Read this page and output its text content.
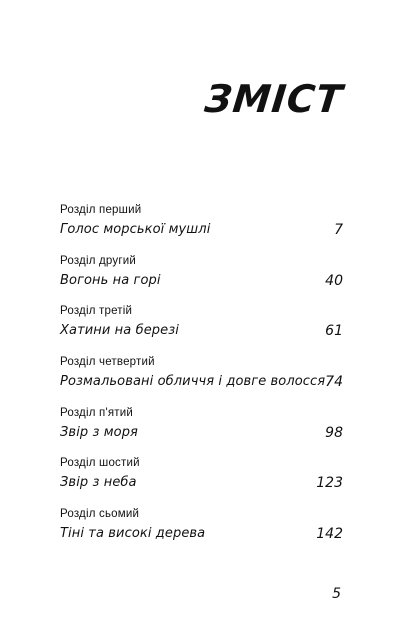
ЗМІСТ
Розділ перший
Голос морської мушлі	7
Розділ другий
Вогонь на горі	40
Розділ третій
Хатини на березі	61
Розділ четвертий
Розмальовані обличчя і довге волосся 74
Розділ п'ятий
Звір з моря	98
Розділ шостий
Звір з неба	123
Розділ сьомий
Тіні та високі дерева	142
5
